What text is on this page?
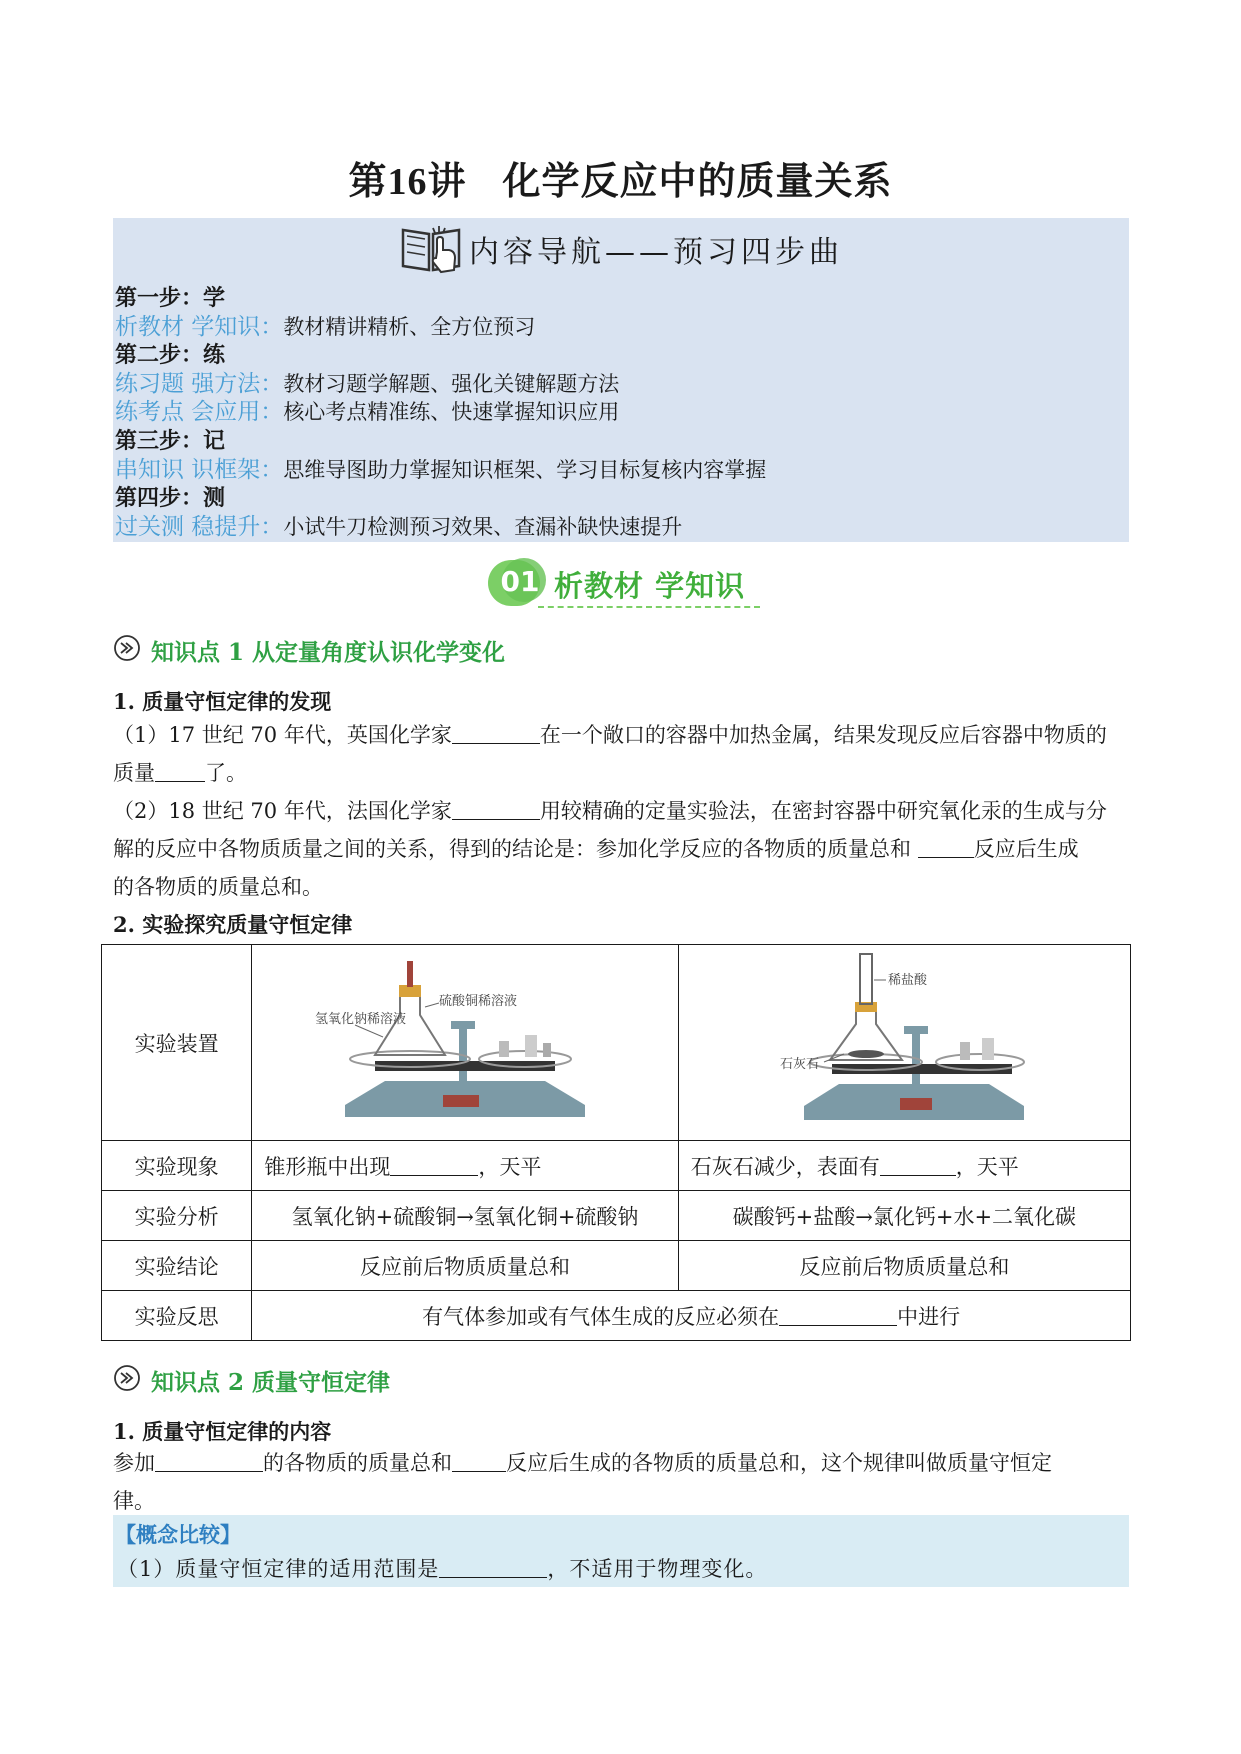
第16讲 化学反应中的质量关系
内容导航——预习四步曲
第一步：学
析教材 学知识：教材精讲精析、全方位预习
第二步：练
练习题 强方法：教材习题学解题、强化关键解题方法
练考点 会应用：核心考点精准练、快速掌握知识应用
第三步：记
串知识 识框架：思维导图助力掌握知识框架、学习目标复核内容掌握
第四步：测
过关测 稳提升：小试牛刀检测预习效果、查漏补缺快速提升
01 析教材 学知识
知识点 1 从定量角度认识化学变化
1. 质量守恒定律的发现
（1）17 世纪 70 年代，英国化学家	在一个敞口的容器中加热金属，结果发现反应后容器中物质的
质量 了。
（2）18 世纪 70 年代，法国化学家	用较精确的定量实验法，在密封容器中研究氧化汞的生成与分
解的反应中各物质质量之间的关系，得到的结论是：参加化学反应的各物质的质量总和	反应后生成
的各物质的质量总和。
2. 实验探究质量守恒定律
实验装置	硫酸铜稀溶液
氢氧化钠稀溶液	稀盐酸
石灰石

实验现象	锥形瓶中出现 ，天平	石灰石减少，表面有 ，天平
实验分析	氢氧化钠+硫酸铜→氢氧化铜+硫酸钠	碳酸钙+盐酸→氯化钙+水+二氧化碳
实验结论	反应前后物质质量总和	反应前后物质质量总和
实验反思	有气体参加或有气体生成的反应必须在 中进行	
知识点 2 质量守恒定律
1. 质量守恒定律的内容
参加	的各物质的质量总和	反应后生成的各物质的质量总和，这个规律叫做质量守恒定
律。
【概念比较】
（1）质量守恒定律的适用范围是	，不适用于物理变化。
